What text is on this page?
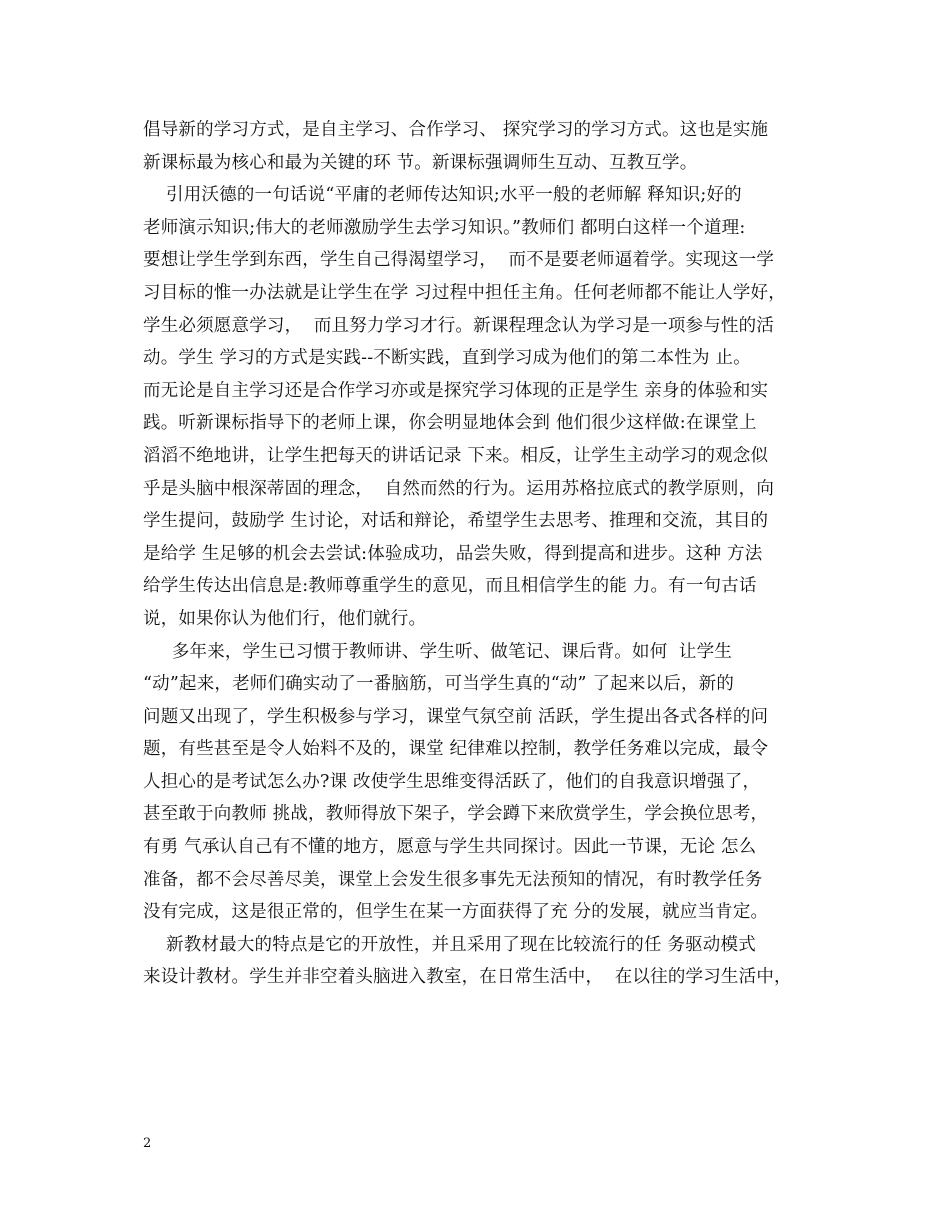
倡导新的学习方式，是自主学习、合作学习、 探究学习的学习方式。这也是实施
新课标最为核心和最为关键的环 节。新课标强调师生互动、互教互学。
引用沃德的一句话说“平庸的老师传达知识;水平一般的老师解 释知识;好的
老师演示知识;伟大的老师激励学生去学习知识。”教师们 都明白这样一个道理:
要想让学生学到东西，学生自己得渴望学习，  而不是要老师逼着学。实现这一学
习目标的惟一办法就是让学生在学 习过程中担任主角。任何老师都不能让人学好，
学生必须愿意学习，  而且努力学习才行。新课程理念认为学习是一项参与性的活
动。学生 学习的方式是实践--不断实践，直到学习成为他们的第二本性为 止。
而无论是自主学习还是合作学习亦或是探究学习体现的正是学生 亲身的体验和实
践。听新课标指导下的老师上课，你会明显地体会到 他们很少这样做:在课堂上
滔滔不绝地讲，让学生把每天的讲话记录 下来。相反，让学生主动学习的观念似
乎是头脑中根深蒂固的理念，  自然而然的行为。运用苏格拉底式的教学原则，向
学生提问，鼓励学 生讨论，对话和辩论，希望学生去思考、推理和交流，其目的
是给学 生足够的机会去尝试:体验成功，品尝失败，得到提高和进步。这种 方法
给学生传达出信息是:教师尊重学生的意见，而且相信学生的能 力。有一句古话
说，如果你认为他们行，他们就行。
多年来，学生已习惯于教师讲、学生听、做笔记、课后背。如何  让学生
“动”起来，老师们确实动了一番脑筋，可当学生真的“动” 了起来以后，新的
问题又出现了，学生积极参与学习，课堂气氛空前 活跃，学生提出各式各样的问
题，有些甚至是令人始料不及的，课堂 纪律难以控制，教学任务难以完成，最令
人担心的是考试怎么办?课 改使学生思维变得活跃了，他们的自我意识增强了，
甚至敢于向教师 挑战，教师得放下架子，学会蹲下来欣赏学生，学会换位思考，
有勇 气承认自己有不懂的地方，愿意与学生共同探讨。因此一节课，无论 怎么
准备，都不会尽善尽美，课堂上会发生很多事先无法预知的情况，有时教学任务
没有完成，这是很正常的，但学生在某一方面获得了充 分的发展，就应当肯定。
新教材最大的特点是它的开放性，并且采用了现在比较流行的任 务驱动模式
来设计教材。学生并非空着头脑进入教室，在日常生活中，  在以往的学习生活中，
2
